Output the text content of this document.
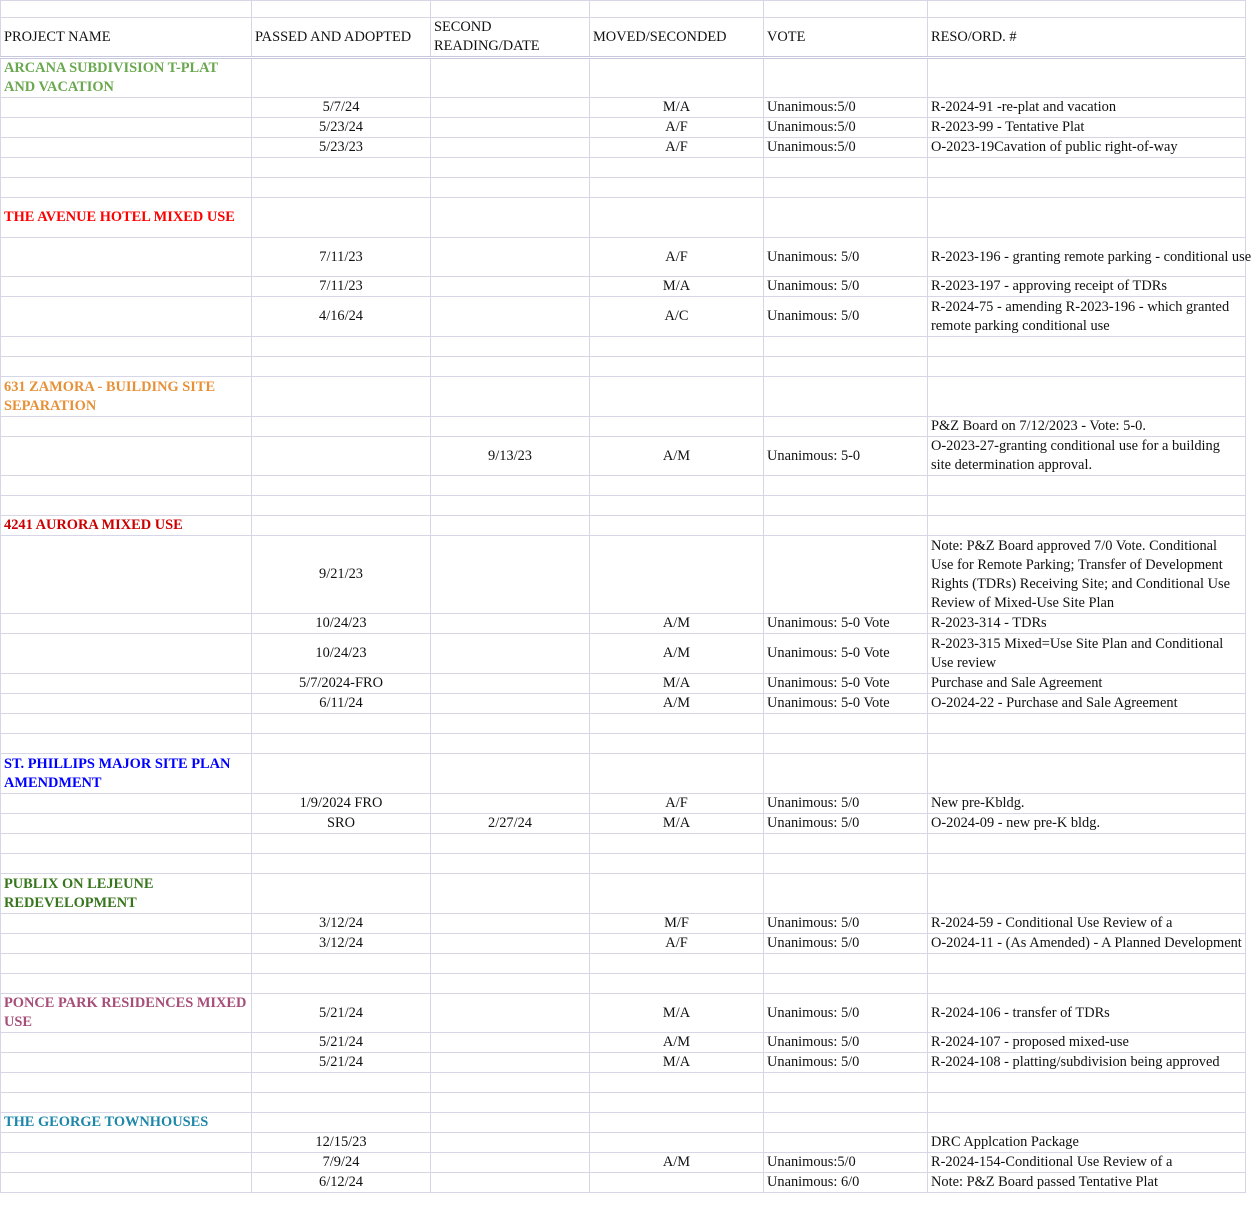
PROJECT NAME	PASSED AND ADOPTED	SECOND READING/DATE	MOVED/SECONDED	VOTE	RESO/ORD. #
ARCANA SUBDIVISION T-PLAT AND VACATION					
	5/7/24		M/A	Unanimous:5/0	R-2024-91 -re-plat and vacation
	5/23/24		A/F	Unanimous:5/0	R-2023-99 - Tentative Plat
	5/23/23		A/F	Unanimous:5/0	O-2023-19Cavation of public right-of-way

THE AVENUE HOTEL MIXED USE					
	7/11/23		A/F	Unanimous: 5/0	R-2023-196 - granting remote parking - conditional use
	7/11/23		M/A	Unanimous: 5/0	R-2023-197 - approving receipt of TDRs
	4/16/24		A/C	Unanimous: 5/0	R-2024-75 - amending R-2023-196 - which granted remote parking conditional use

631 ZAMORA - BUILDING SITE SEPARATION					
					P&Z Board on 7/12/2023 - Vote: 5-0.
		9/13/23	A/M	Unanimous: 5-0	O-2023-27-granting conditional use for a building site determination approval.

4241 AURORA MIXED USE					
	9/21/23				Note: P&Z Board approved 7/0 Vote. Conditional Use for Remote Parking; Transfer of Development Rights (TDRs) Receiving Site; and Conditional Use Review of Mixed-Use Site Plan
	10/24/23		A/M	Unanimous: 5-0 Vote	R-2023-314 - TDRs
	10/24/23		A/M	Unanimous: 5-0 Vote	R-2023-315 Mixed=Use Site Plan and Conditional Use review
	5/7/2024-FRO		M/A	Unanimous: 5-0 Vote	Purchase and Sale Agreement
	6/11/24		A/M	Unanimous: 5-0 Vote	O-2024-22 - Purchase and Sale Agreement

ST. PHILLIPS MAJOR SITE PLAN AMENDMENT					
	1/9/2024 FRO		A/F	Unanimous: 5/0	New pre-Kbldg.
	SRO	2/27/24	M/A	Unanimous: 5/0	O-2024-09 - new pre-K bldg.

PUBLIX ON LEJEUNE REDEVELOPMENT					
	3/12/24		M/F	Unanimous: 5/0	R-2024-59 - Conditional Use Review of a
	3/12/24		A/F	Unanimous: 5/0	O-2024-11 - (As Amended) - A Planned Development

PONCE PARK RESIDENCES MIXED USE	5/21/24		M/A	Unanimous: 5/0	R-2024-106 - transfer of TDRs
	5/21/24		A/M	Unanimous: 5/0	R-2024-107 - proposed mixed-use
	5/21/24		M/A	Unanimous: 5/0	R-2024-108 - platting/subdivision being approved

THE GEORGE TOWNHOUSES					
	12/15/23				DRC Applcation Package
	7/9/24		A/M	Unanimous:5/0	R-2024-154-Conditional Use Review of a
	6/12/24			Unanimous: 6/0	Note: P&Z Board passed Tentative Plat
